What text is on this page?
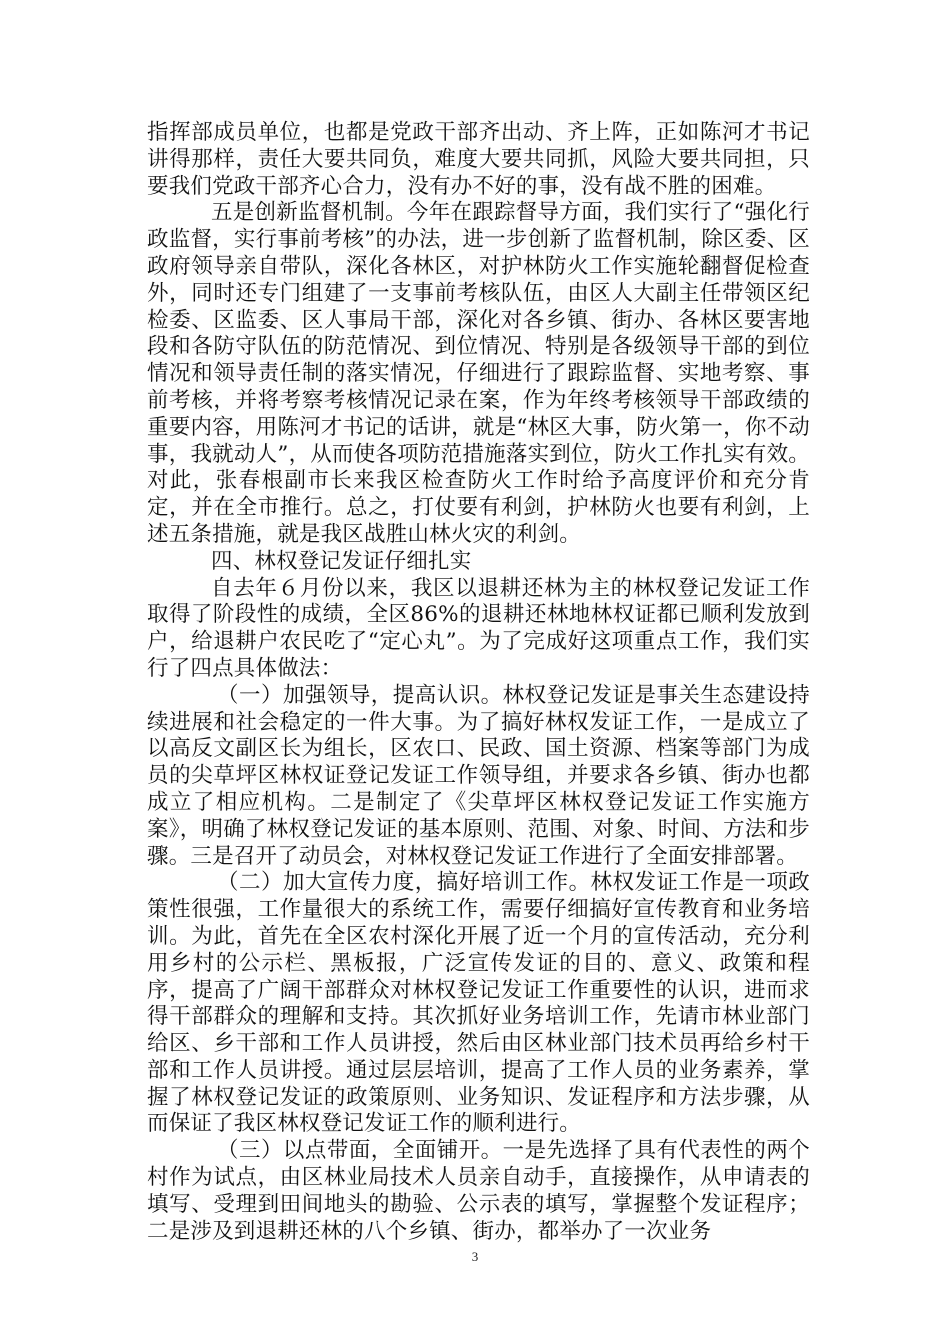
指挥部成员单位，也都是党政干部齐出动、齐上阵，正如陈河才书记讲得那样，责任大要共同负，难度大要共同抓，风险大要共同担，只要我们党政干部齐心合力，没有办不好的事，没有战不胜的困难。

五是创新监督机制。今年在跟踪督导方面，我们实行了“强化行政监督，实行事前考核”的办法，进一步创新了监督机制，除区委、区政府领导亲自带队，深化各林区，对护林防火工作实施轮翻督促检查外，同时还专门组建了一支事前考核队伍，由区人大副主任带领区纪检委、区监委、区人事局干部，深化对各乡镇、街办、各林区要害地段和各防守队伍的防范情况、到位情况、特别是各级领导干部的到位情况和领导责任制的落实情况，仔细进行了跟踪监督、实地考察、事前考核，并将考察考核情况记录在案，作为年终考核领导干部政绩的重要内容，用陈河才书记的话讲，就是“林区大事，防火第一，你不动事，我就动人”，从而使各项防范措施落实到位，防火工作扎实有效。对此，张春根副市长来我区检查防火工作时给予高度评价和充分肯定，并在全市推行。总之，打仗要有利剑，护林防火也要有利剑，上述五条措施，就是我区战胜山林火灾的利剑。

四、林权登记发证仔细扎实

自去年６月份以来，我区以退耕还林为主的林权登记发证工作取得了阶段性的成绩，全区86%的退耕还林地林权证都已顺利发放到户，给退耕户农民吃了“定心丸”。为了完成好这项重点工作，我们实行了四点具体做法：

（一）加强领导，提高认识。林权登记发证是事关生态建设持续进展和社会稳定的一件大事。为了搞好林权发证工作，一是成立了以高反文副区长为组长，区农口、民政、国土资源、档案等部门为成员的尖草坪区林权证登记发证工作领导组，并要求各乡镇、街办也都成立了相应机构。二是制定了《尖草坪区林权登记发证工作实施方案》，明确了林权登记发证的基本原则、范围、对象、时间、方法和步骤。三是召开了动员会，对林权登记发证工作进行了全面安排部署。

（二）加大宣传力度，搞好培训工作。林权发证工作是一项政策性很强，工作量很大的系统工作，需要仔细搞好宣传教育和业务培训。为此，首先在全区农村深化开展了近一个月的宣传活动，充分利用乡村的公示栏、黑板报，广泛宣传发证的目的、意义、政策和程序，提高了广阔干部群众对林权登记发证工作重要性的认识，进而求得干部群众的理解和支持。其次抓好业务培训工作，先请市林业部门给区、乡干部和工作人员讲授，然后由区林业部门技术员再给乡村干部和工作人员讲授。通过层层培训，提高了工作人员的业务素养，掌握了林权登记发证的政策原则、业务知识、发证程序和方法步骤，从而保证了我区林权登记发证工作的顺利进行。

（三）以点带面，全面铺开。一是先选择了具有代表性的两个村作为试点，由区林业局技术人员亲自动手，直接操作，从申请表的填写、受理到田间地头的勘验、公示表的填写，掌握整个发证程序；二是涉及到退耕还林的八个乡镇、街办，都举办了一次业务

3
